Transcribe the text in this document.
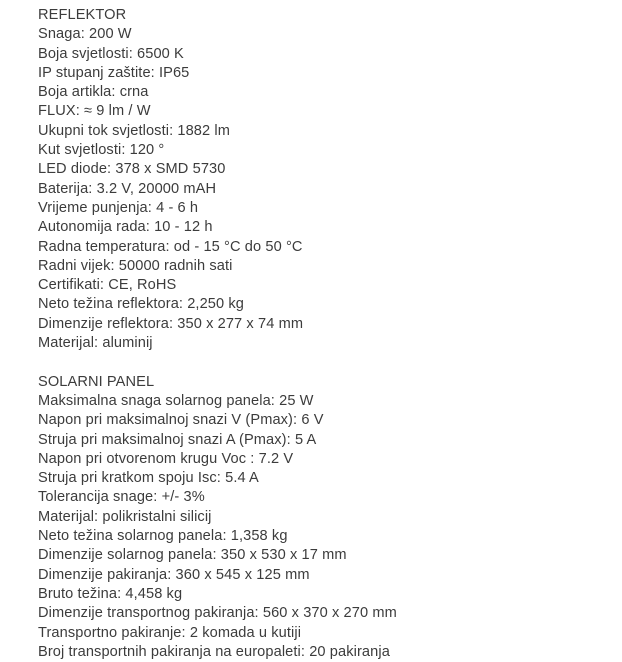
REFLEKTOR
Snaga: 200 W
Boja svjetlosti: 6500 K
IP stupanj zaštite: IP65
Boja artikla: crna
FLUX: ≈ 9 lm / W
Ukupni tok svjetlosti: 1882 lm
Kut svjetlosti: 120 °
LED diode: 378 x SMD 5730
Baterija: 3.2 V, 20000 mAH
Vrijeme punjenja: 4 - 6 h
Autonomija rada: 10 - 12 h
Radna temperatura: od - 15 °C do 50 °C
Radni vijek: 50000 radnih sati
Certifikati: CE, RoHS
Neto težina reflektora: 2,250 kg
Dimenzije reflektora: 350 x 277 x 74 mm
Materijal: aluminij
SOLARNI PANEL
Maksimalna snaga solarnog panela: 25 W
Napon pri maksimalnoj snazi V (Pmax): 6 V
Struja pri maksimalnoj snazi A (Pmax): 5 A
Napon pri otvorenom krugu Voc : 7.2 V
Struja pri kratkom spoju Isc: 5.4 A
Tolerancija snage: +/- 3%
Materijal: polikristalni silicij
Neto težina solarnog panela: 1,358 kg
Dimenzije solarnog panela: 350 x 530 x 17 mm
Dimenzije pakiranja: 360 x 545 x 125 mm
Bruto težina: 4,458 kg
Dimenzije transportnog pakiranja: 560 x 370 x 270 mm
Transportno pakiranje: 2 komada u kutiji
Broj transportnih pakiranja na europaleti: 20 pakiranja
